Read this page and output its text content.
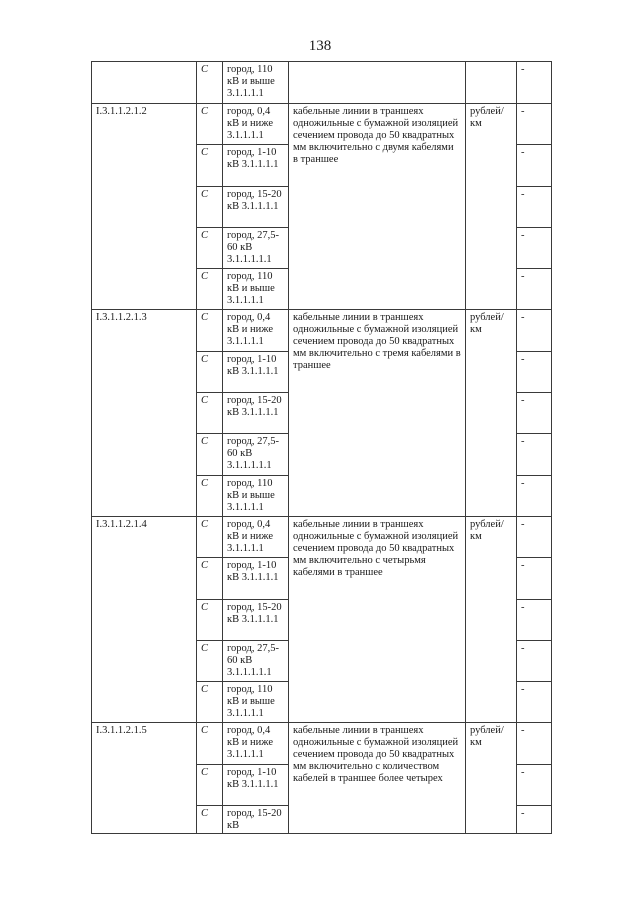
138
	С	город, 110 кВ и выше 3.1.1.1.1			-
I.3.1.1.2.1.2	С	город, 0,4 кВ и ниже 3.1.1.1.1	кабельные линии в траншеях одножильные с бумажной изоляцией сечением провода до 50 квадратных мм включительно с двумя кабелями в траншее	рублей/км	-
	С	город, 1-10 кВ 3.1.1.1.1			-
	С	город, 15-20 кВ 3.1.1.1.1			-
	С	город, 27,5-60 кВ 3.1.1.1.1.1			-
	С	город, 110 кВ и выше 3.1.1.1.1			-
I.3.1.1.2.1.3	С	город, 0,4 кВ и ниже 3.1.1.1.1	кабельные линии в траншеях одножильные с бумажной изоляцией сечением провода до 50 квадратных мм включительно с тремя кабелями в траншее	рублей/км	-
	С	город, 1-10 кВ 3.1.1.1.1			-
	С	город, 15-20 кВ 3.1.1.1.1			-
	С	город, 27,5-60 кВ 3.1.1.1.1.1			-
	С	город, 110 кВ и выше 3.1.1.1.1			-
I.3.1.1.2.1.4	С	город, 0,4 кВ и ниже 3.1.1.1.1	кабельные линии в траншеях одножильные с бумажной изоляцией сечением провода до 50 квадратных мм включительно с четырьмя кабелями в траншее	рублей/км	-
	С	город, 1-10 кВ 3.1.1.1.1			-
	С	город, 15-20 кВ 3.1.1.1.1			-
	С	город, 27,5-60 кВ 3.1.1.1.1.1			-
	С	город, 110 кВ и выше 3.1.1.1.1			-
I.3.1.1.2.1.5	С	город, 0,4 кВ и ниже 3.1.1.1.1	кабельные линии в траншеях одножильные с бумажной изоляцией сечением провода до 50 квадратных мм включительно с количеством кабелей в траншее более четырех	рублей/км	-
	С	город, 1-10 кВ 3.1.1.1.1			-
	С	город, 15-20 кВ			-
